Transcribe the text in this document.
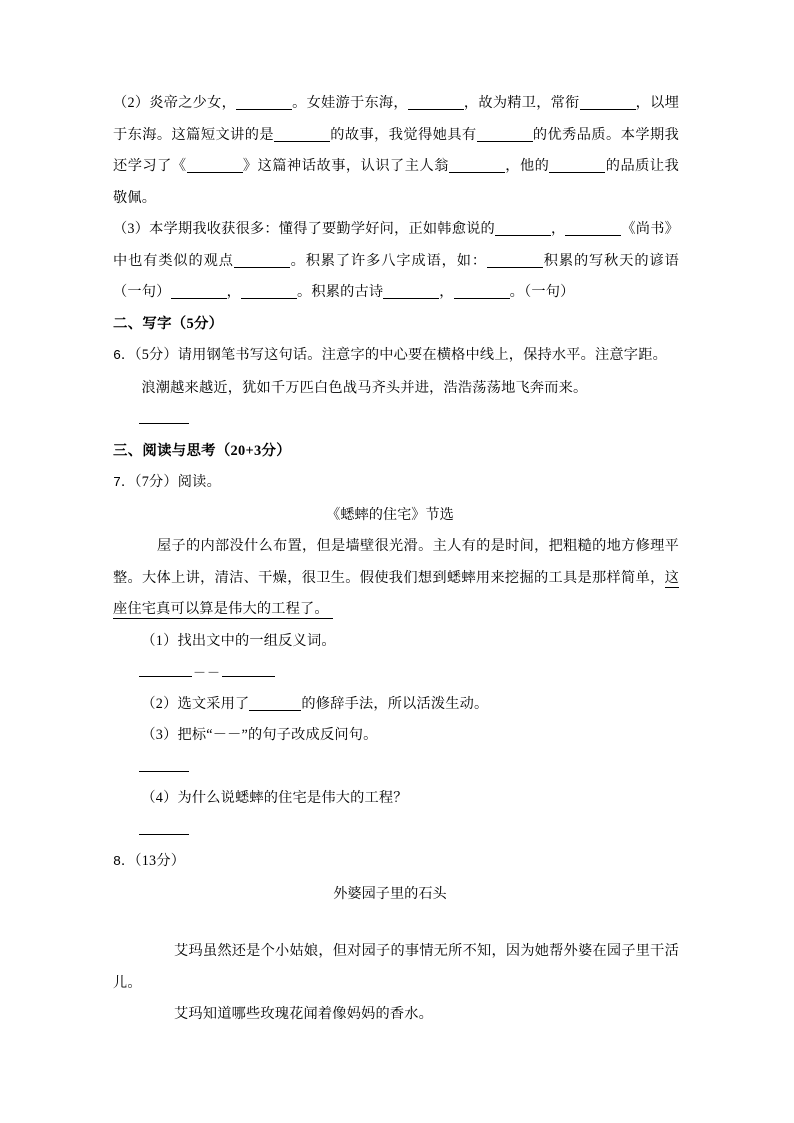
（2）炎帝之少女，	。女娃游于东海，	，故为精卫，常衔	，以埋于东海。这篇短文讲的是	的故事，我觉得她具有	的优秀品质。本学期我还学习了《	》这篇神话故事，认识了主人翁	，他的	的品质让我敬佩。

（3）本学期我收获很多：懂得了要勤学好问，正如韩愈说的	，	《尚书》中也有类似的观点	。积累了许多八字成语，如：	积累的写秋天的谚语（一句）	，	。积累的古诗	，	。（一句）

二、写字（5分）

6．（5分）请用钢笔书写这句话。注意字的中心要在横格中线上，保持水平。注意字距。

浪潮越来越近，犹如千万匹白色战马齐头并进，浩浩荡荡地飞奔而来。

三、阅读与思考（20+3分）

7．（7分）阅读。

《蟋蟀的住宅》节选

屋子的内部没什么布置，但是墙壁很光滑。主人有的是时间，把粗糙的地方修理平整。大体上讲，清洁、干燥，很卫生。假使我们想到蟋蟀用来挖掘的工具是那样简单，这座住宅真可以算是伟大的工程了。

（1）找出文中的一组反义词。

－－

（2）选文采用了	的修辞手法，所以活泼生动。

（3）把标“－－”的句子改成反问句。

（4）为什么说蟋蟀的住宅是伟大的工程？

8．（13分）

外婆园子里的石头

艾玛虽然还是个小姑娘，但对园子的事情无所不知，因为她帮外婆在园子里干活儿。

艾玛知道哪些玫瑰花闻着像妈妈的香水。
